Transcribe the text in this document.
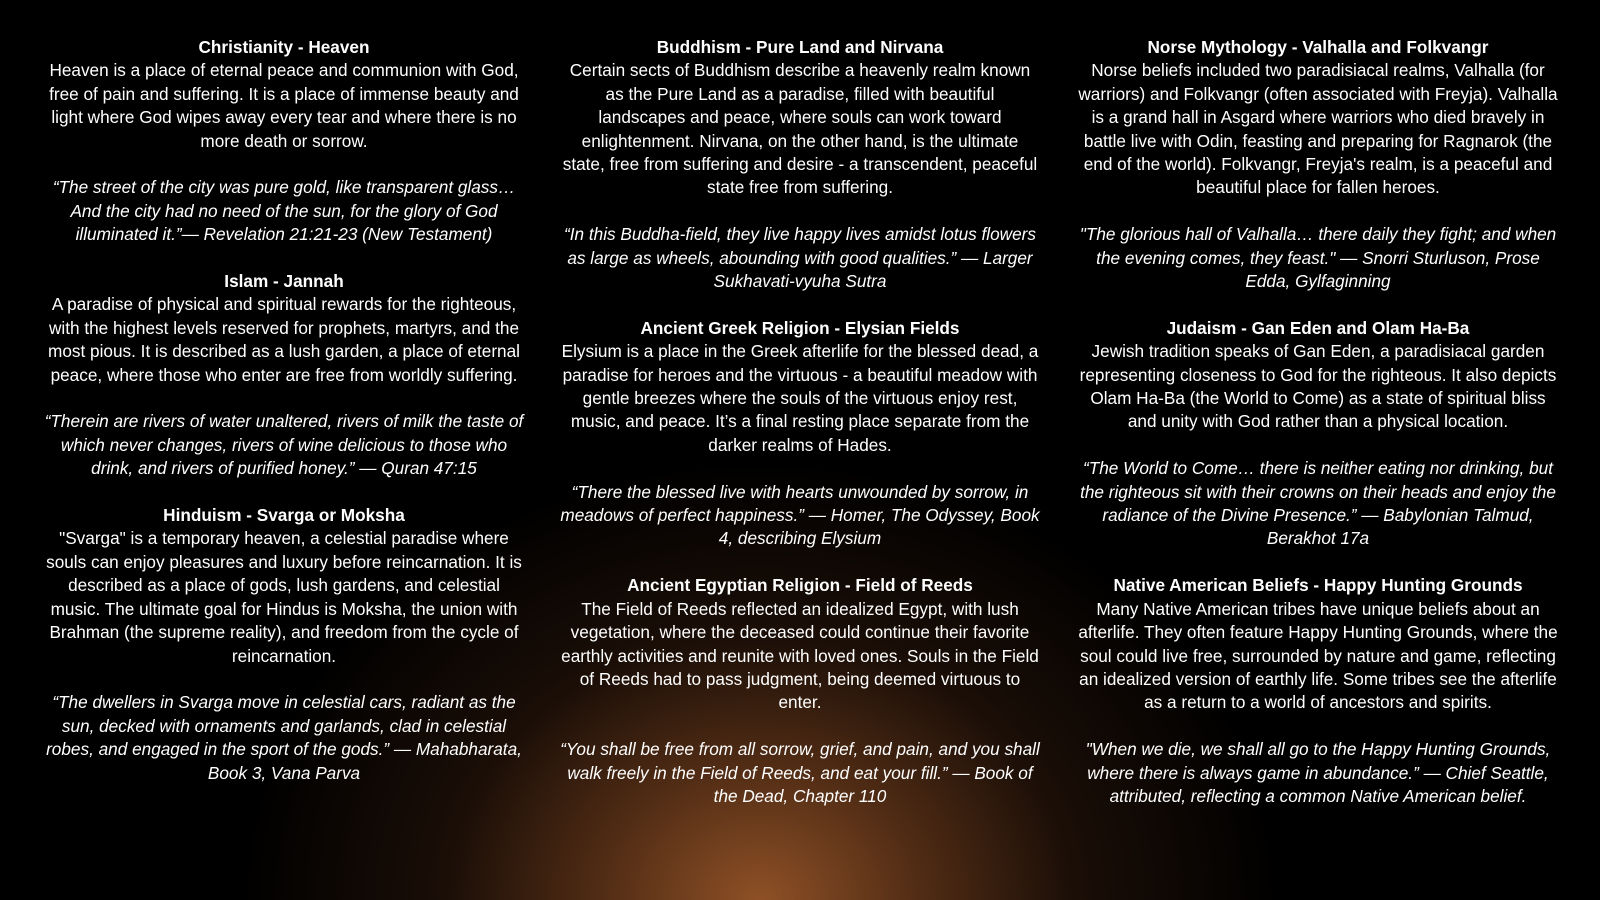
Christianity - Heaven

Heaven is a place of eternal peace and communion with God, free of pain and suffering. It is a place of immense beauty and light where God wipes away every tear and where there is no more death or sorrow.

“The street of the city was pure gold, like transparent glass… And the city had no need of the sun, for the glory of God illuminated it.”— Revelation 21:21-23 (New Testament)

Islam - Jannah

A paradise of physical and spiritual rewards for the righteous, with the highest levels reserved for prophets, martyrs, and the most pious. It is described as a lush garden, a place of eternal peace, where those who enter are free from worldly suffering.

“Therein are rivers of water unaltered, rivers of milk the taste of which never changes, rivers of wine delicious to those who drink, and rivers of purified honey.” — Quran 47:15

Hinduism - Svarga or Moksha

"Svarga" is a temporary heaven, a celestial paradise where souls can enjoy pleasures and luxury before reincarnation. It is described as a place of gods, lush gardens, and celestial music. The ultimate goal for Hindus is Moksha, the union with Brahman (the supreme reality), and freedom from the cycle of reincarnation.

“The dwellers in Svarga move in celestial cars, radiant as the sun, decked with ornaments and garlands, clad in celestial robes, and engaged in the sport of the gods.” — Mahabharata, Book 3, Vana Parva

Buddhism - Pure Land and Nirvana

Certain sects of Buddhism describe a heavenly realm known as the Pure Land as a paradise, filled with beautiful landscapes and peace, where souls can work toward enlightenment. Nirvana, on the other hand, is the ultimate state, free from suffering and desire - a transcendent, peaceful state free from suffering.

“In this Buddha-field, they live happy lives amidst lotus flowers as large as wheels, abounding with good qualities.” — Larger Sukhavati-vyuha Sutra

Ancient Greek Religion - Elysian Fields

Elysium is a place in the Greek afterlife for the blessed dead, a paradise for heroes and the virtuous - a beautiful meadow with gentle breezes where the souls of the virtuous enjoy rest, music, and peace. It’s a final resting place separate from the darker realms of Hades.

“There the blessed live with hearts unwounded by sorrow, in meadows of perfect happiness.” — Homer, The Odyssey, Book 4, describing Elysium

Ancient Egyptian Religion - Field of Reeds

The Field of Reeds reflected an idealized Egypt, with lush vegetation, where the deceased could continue their favorite earthly activities and reunite with loved ones. Souls in the Field of Reeds had to pass judgment, being deemed virtuous to enter.

“You shall be free from all sorrow, grief, and pain, and you shall walk freely in the Field of Reeds, and eat your fill.” — Book of the Dead, Chapter 110

Norse Mythology - Valhalla and Folkvangr

Norse beliefs included two paradisiacal realms, Valhalla (for warriors) and Folkvangr (often associated with Freyja). Valhalla is a grand hall in Asgard where warriors who died bravely in battle live with Odin, feasting and preparing for Ragnarok (the end of the world). Folkvangr, Freyja's realm, is a peaceful and beautiful place for fallen heroes.

"The glorious hall of Valhalla… there daily they fight; and when the evening comes, they feast." — Snorri Sturluson, Prose Edda, Gylfaginning

Judaism - Gan Eden and Olam Ha-Ba

Jewish tradition speaks of Gan Eden, a paradisiacal garden representing closeness to God for the righteous. It also depicts Olam Ha-Ba (the World to Come) as a state of spiritual bliss and unity with God rather than a physical location.

“The World to Come… there is neither eating nor drinking, but the righteous sit with their crowns on their heads and enjoy the radiance of the Divine Presence.” — Babylonian Talmud, Berakhot 17a

Native American Beliefs - Happy Hunting Grounds

Many Native American tribes have unique beliefs about an afterlife. They often feature Happy Hunting Grounds, where the soul could live free, surrounded by nature and game, reflecting an idealized version of earthly life. Some tribes see the afterlife as a return to a world of ancestors and spirits.

"When we die, we shall all go to the Happy Hunting Grounds, where there is always game in abundance.” — Chief Seattle, attributed, reflecting a common Native American belief.
